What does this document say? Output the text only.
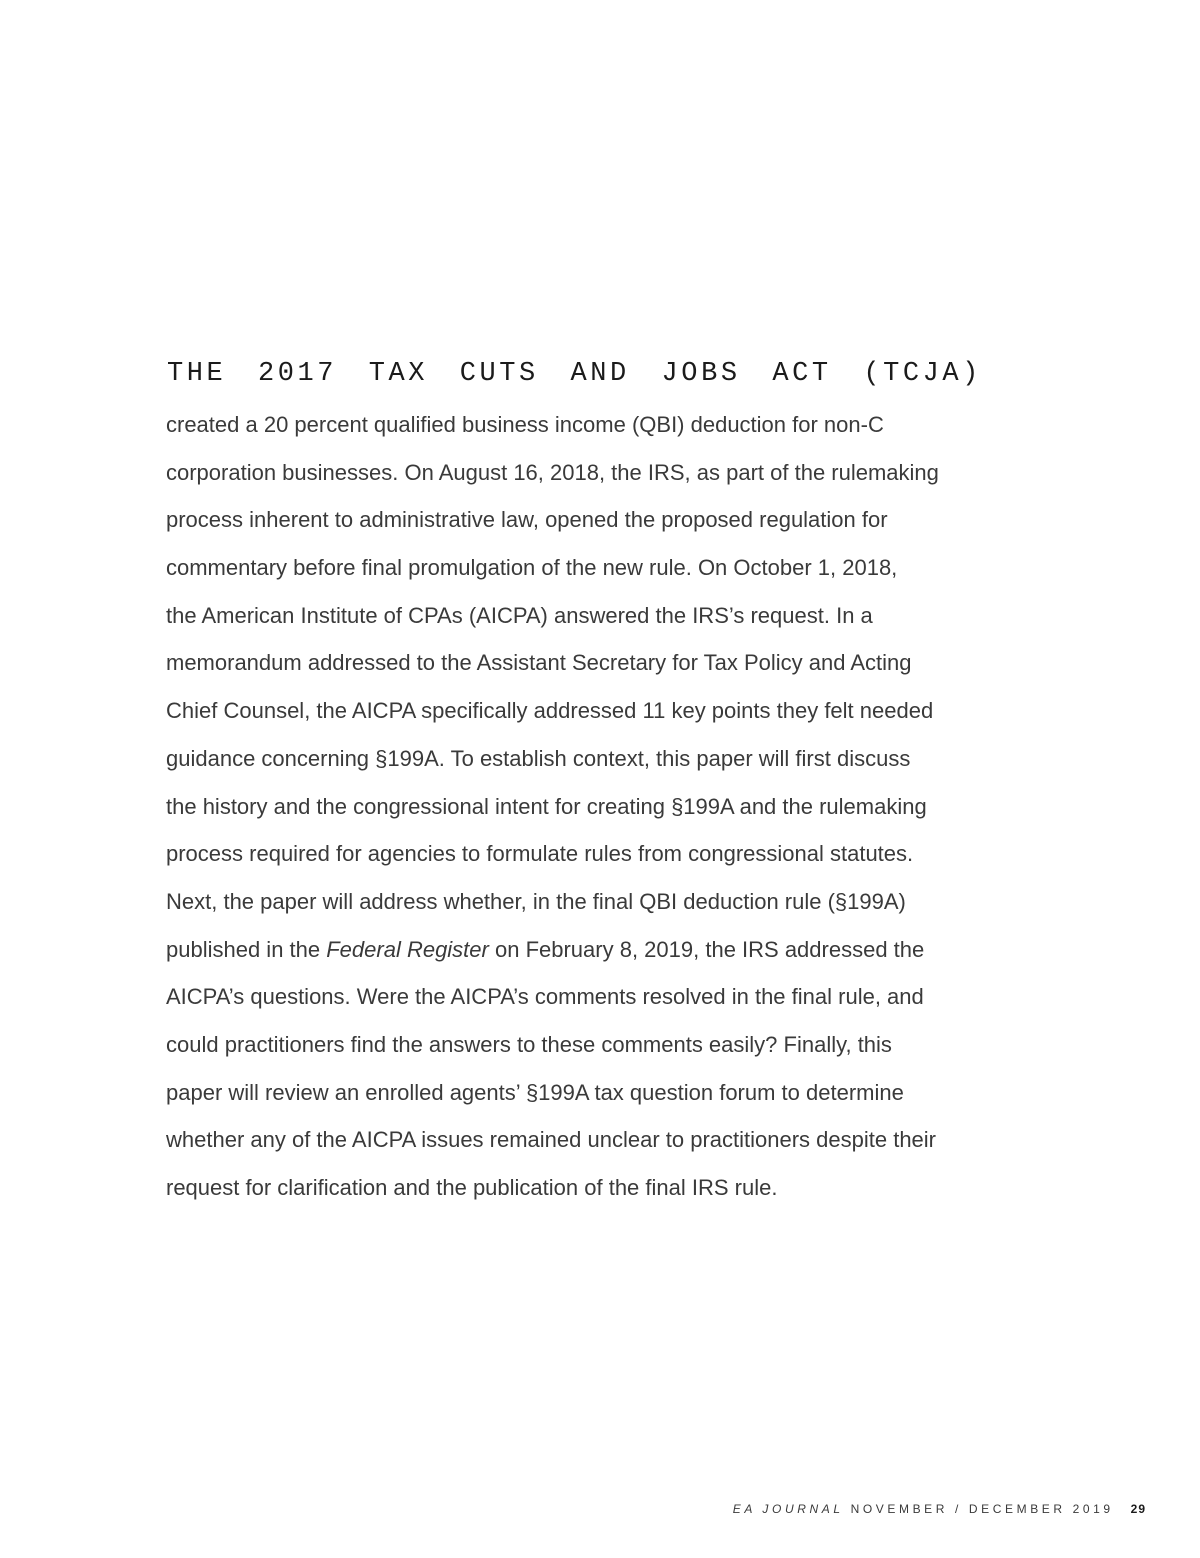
THE 2017 TAX CUTS AND JOBS ACT (TCJA)
created a 20 percent qualified business income (QBI) deduction for non-C
corporation businesses. On August 16, 2018, the IRS, as part of the rulemaking
process inherent to administrative law, opened the proposed regulation for
commentary before final promulgation of the new rule. On October 1, 2018,
the American Institute of CPAs (AICPA) answered the IRS’s request. In a
memorandum addressed to the Assistant Secretary for Tax Policy and Acting
Chief Counsel, the AICPA specifically addressed 11 key points they felt needed
guidance concerning §199A. To establish context, this paper will first discuss
the history and the congressional intent for creating §199A and the rulemaking
process required for agencies to formulate rules from congressional statutes.
Next, the paper will address whether, in the final QBI deduction rule (§199A)
published in the Federal Register on February 8, 2019, the IRS addressed the
AICPA’s questions. Were the AICPA’s comments resolved in the final rule, and
could practitioners find the answers to these comments easily? Finally, this
paper will review an enrolled agents’ §199A tax question forum to determine
whether any of the AICPA issues remained unclear to practitioners despite their
request for clarification and the publication of the final IRS rule.
EA JOURNAL NOVEMBER / DECEMBER 2019 29
